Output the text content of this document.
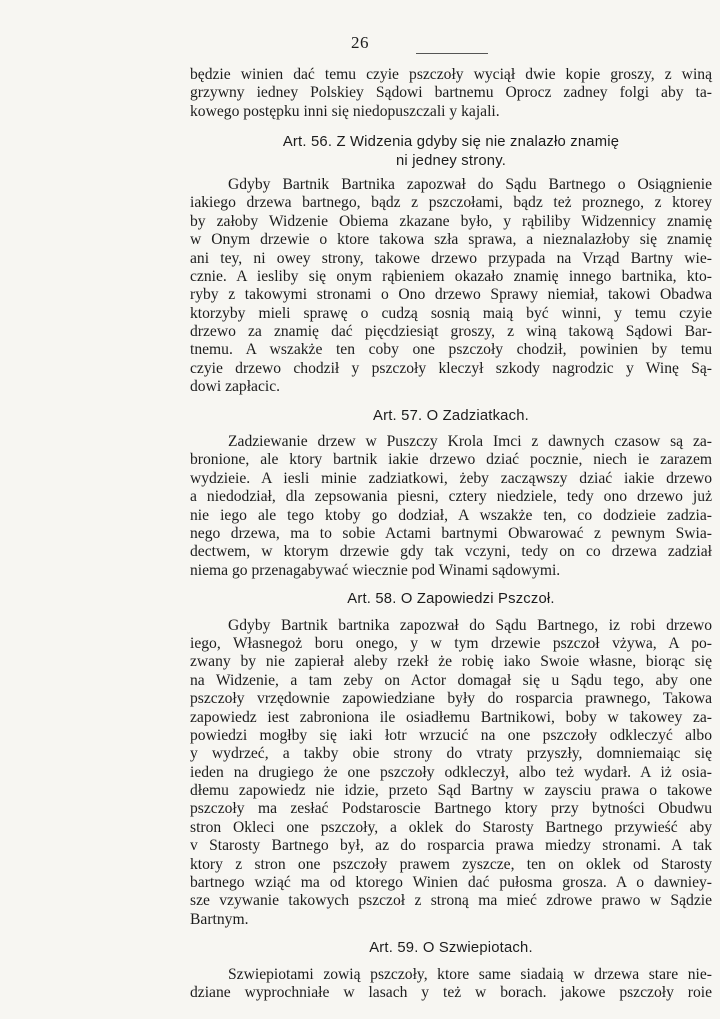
26
będzie winien dać temu czyie pszczoły wyciął dwie kopie groszy, z winą
grzywny iedney Polskiey Sądowi bartnemu Oprocz zadney folgi aby ta-
kowego postępku inni się niedopuszczali y kajali.
Art. 56. Z Widzenia gdyby się nie znalazło znamię
ni jedney strony.
Gdyby Bartnik Bartnika zapozwał do Sądu Bartnego o Osiągnienie
iakiego drzewa bartnego, bądz z pszczołami, bądz też proznego, z ktorey
by załoby Widzenie Obiema zkazane było, y rąbiliby Widzennicy znamię
w Onym drzewie o ktore takowa szła sprawa, a nieznalazłoby się znamię
ani tey, ni owey strony, takowe drzewo przypada na Vrząd Bartny wie-
cznie. A iesliby się onym rąbieniem okazało znamię innego bartnika, kto-
ryby z takowymi stronami o Ono drzewo Sprawy niemiał, takowi Obadwa
ktorzyby mieli sprawę o cudzą sosnią maią być winni, y temu czyie
drzewo za znamię dać pięcdziesiąt groszy, z winą takową Sądowi Bar-
tnemu. A wszakże ten coby one pszczoły chodził, powinien by temu
czyie drzewo chodził y pszczoły kleczył szkody nagrodzic y Winę Są-
dowi zapłacic.
Art. 57. O Zadziatkach.
Zadziewanie drzew w Puszczy Krola Imci z dawnych czasow są za-
bronione, ale ktory bartnik iakie drzewo dziać pocznie, niech ie zarazem
wydzieie. A iesli minie zadziatkowi, żeby zacząwszy dziać iakie drzewo
a niedodział, dla zepsowania piesni, cztery niedziele, tedy ono drzewo już
nie iego ale tego ktoby go dodział, A wszakże ten, co dodzieie zadzia-
nego drzewa, ma to sobie Actami bartnymi Obwarować z pewnym Swia-
dectwem, w ktorym drzewie gdy tak vczyni, tedy on co drzewa zadział
niema go przenagabywać wiecznie pod Winami sądowymi.
Art. 58. O Zapowiedzi Pszczoł.
Gdyby Bartnik bartnika zapozwał do Sądu Bartnego, iz robi drzewo
iego, Własnegoż boru onego, y w tym drzewie pszczoł vżywa, A po-
zwany by nie zapierał aleby rzekł że robię iako Swoie własne, biorąc się
na Widzenie, a tam zeby on Actor domagał się u Sądu tego, aby one
pszczoły vrzędownie zapowiedziane były do rosparcia prawnego, Takowa
zapowiedz iest zabroniona ile osiadłemu Bartnikowi, boby w takowey za-
powiedzi mogłby się iaki łotr wrzucić na one pszczoły odkleczyć albo
y wydrzeć, a takby obie strony do vtraty przyszły, domniemaiąc się
ieden na drugiego że one pszczoły odkleczył, albo też wydarł. A iż osia-
dłemu zapowiedz nie idzie, przeto Sąd Bartny w zaysciu prawa o takowe
pszczoły ma zesłać Podstaroscie Bartnego ktory przy bytności Obudwu
stron Okleci one pszczoły, a oklek do Starosty Bartnego przywieść aby
v Starosty Bartnego był, az do rosparcia prawa miedzy stronami. A tak
ktory z stron one pszczoły prawem zyszcze, ten on oklek od Starosty
bartnego wziąć ma od ktorego Winien dać pułosma grosza. A o dawniey-
sze vzywanie takowych pszczoł z stroną ma mieć zdrowe prawo w Sądzie
Bartnym.
Art. 59. O Szwiepiotach.
Szwiepiotami zowią pszczoły, ktore same siadaią w drzewa stare nie-
dziane wyprochniałe w lasach y też w borach. jakowe pszczoły roie
